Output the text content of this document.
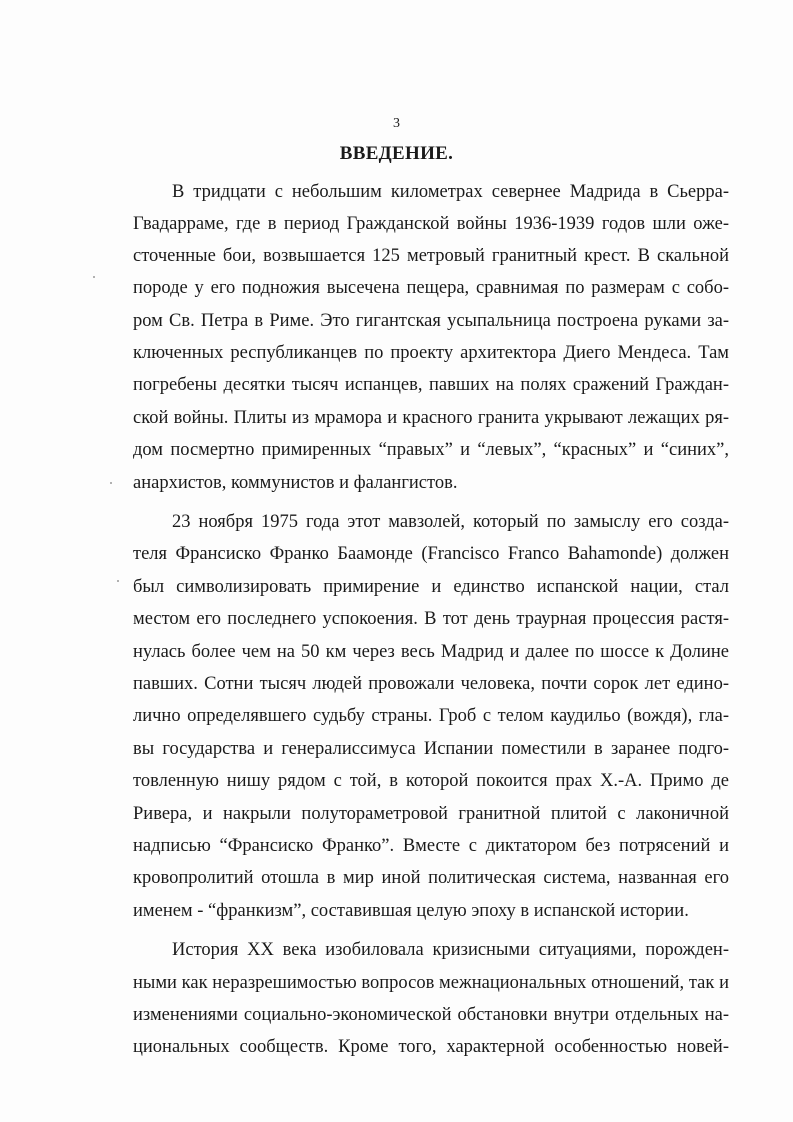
3
ВВЕДЕНИЕ.
В тридцати с небольшим километрах севернее Мадрида в Сьерра-
Гвадарраме, где в период Гражданской войны 1936-1939 годов шли оже-
сточенные бои, возвышается 125 метровый гранитный крест. В скальной
породе у его подножия высечена пещера, сравнимая по размерам с собо-
ром Св. Петра в Риме. Это гигантская усыпальница построена руками за-
ключенных республиканцев по проекту архитектора Диего Мендеса. Там
погребены десятки тысяч испанцев, павших на полях сражений Граждан-
ской войны. Плиты из мрамора и красного гранита укрывают лежащих ря-
дом посмертно примиренных “правых” и “левых”, “красных” и “синих”,
анархистов, коммунистов и фалангистов.
23 ноября 1975 года этот мавзолей, который по замыслу его созда-
теля Франсиско Франко Баамонде (Francisco Franco Bahamonde) должен
был символизировать примирение и единство испанской нации, стал
местом его последнего успокоения. В тот день траурная процессия растя-
нулась более чем на 50 км через весь Мадрид и далее по шоссе к Долине
павших. Сотни тысяч людей провожали человека, почти сорок лет едино-
лично определявшего судьбу страны. Гроб с телом каудильо (вождя), гла-
вы государства и генералиссимуса Испании поместили в заранее подго-
товленную нишу рядом с той, в которой покоится прах Х.-А. Примо де
Ривера, и накрыли полутораметровой гранитной плитой с лаконичной
надписью “Франсиско Франко”. Вместе с диктатором без потрясений и
кровопролитий отошла в мир иной политическая система, названная его
именем - “франкизм”, составившая целую эпоху в испанской истории.
История XX века изобиловала кризисными ситуациями, порожден-
ными как неразрешимостью вопросов межнациональных отношений, так и
изменениями социально-экономической обстановки внутри отдельных на-
циональных сообществ. Кроме того, характерной особенностью новей-
